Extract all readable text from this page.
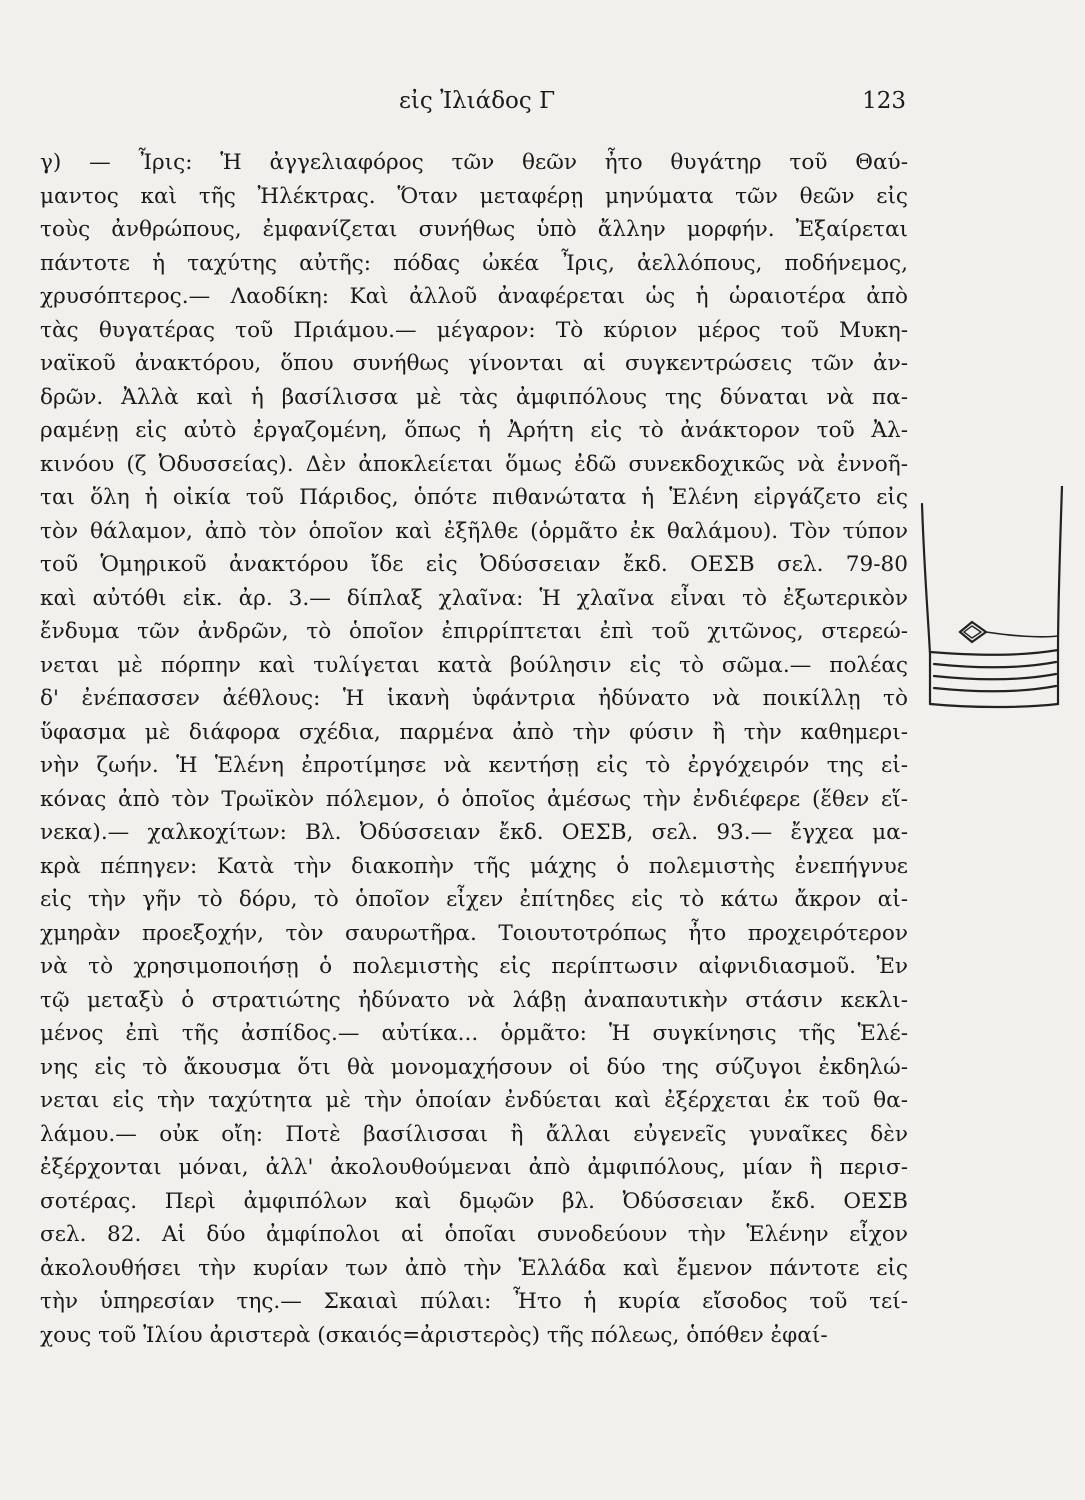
εἰς Ἰλιάδος Γ	123
γ) — Ἶρις: Ἡ ἀγγελιαφόρος τῶν θεῶν ἦτο θυγάτηρ τοῦ Θαύ-
μαντος καὶ τῆς Ἠλέκτρας. Ὅταν μεταφέρῃ μηνύματα τῶν θεῶν εἰς
τοὺς ἀνθρώπους, ἐμφανίζεται συνήθως ὑπὸ ἄλλην μορφήν. Ἐξαίρεται
πάντοτε ἡ ταχύτης αὐτῆς: πόδας ὠκέα Ἶρις, ἀελλόπους, ποδήνεμος,
χρυσόπτερος.— Λαοδίκη: Καὶ ἀλλοῦ ἀναφέρεται ὡς ἡ ὡραιοτέρα ἀπὸ
τὰς θυγατέρας τοῦ Πριάμου.— μέγαρον: Τὸ κύριον μέρος τοῦ Μυκη-
ναϊκοῦ ἀνακτόρου, ὅπου συνήθως γίνονται αἱ συγκεντρώσεις τῶν ἀν-
δρῶν. Ἀλλὰ καὶ ἡ βασίλισσα μὲ τὰς ἀμφιπόλους της δύναται νὰ πα-
ραμένῃ εἰς αὐτὸ ἐργαζομένη, ὅπως ἡ Ἀρήτη εἰς τὸ ἀνάκτορον τοῦ Ἀλ-
κινόου (ζ Ὀδυσσείας). Δὲν ἀποκλείεται ὅμως ἐδῶ συνεκδοχικῶς νὰ ἐννοῆ-
ται ὅλη ἡ οἰκία τοῦ Πάριδος, ὁπότε πιθανώτατα ἡ Ἑλένη εἰργάζετο εἰς
τὸν θάλαμον, ἀπὸ τὸν ὁποῖον καὶ ἐξῆλθε (ὁρμᾶτο ἐκ θαλάμου). Τὸν τύπον
τοῦ Ὁμηρικοῦ ἀνακτόρου ἴδε εἰς Ὀδύσσειαν ἔκδ. ΟΕΣΒ σελ. 79-80
καὶ αὐτόθι εἰκ. ἀρ. 3.— δίπλαξ χλαῖνα: Ἡ χλαῖνα εἶναι τὸ ἐξωτερικὸν
ἔνδυμα τῶν ἀνδρῶν, τὸ ὁποῖον ἐπιρρίπτεται ἐπὶ τοῦ χιτῶνος, στερεώ-
νεται μὲ πόρπην καὶ τυλίγεται κατὰ βούλησιν εἰς τὸ σῶμα.— πολέας
δ' ἐνέπασσεν ἀέθλους: Ἡ ἱκανὴ ὑφάντρια ἠδύνατο νὰ ποικίλλῃ τὸ
ὕφασμα μὲ διάφορα σχέδια, παρμένα ἀπὸ τὴν φύσιν ἢ τὴν καθημερι-
νὴν ζωήν. Ἡ Ἑλένη ἐπροτίμησε νὰ κεντήσῃ εἰς τὸ ἐργόχειρόν της εἰ-
κόνας ἀπὸ τὸν Τρωϊκὸν πόλεμον, ὁ ὁποῖος ἀμέσως τὴν ἐνδιέφερε (ἕθεν εἵ-
νεκα).— χαλκοχίτων: Βλ. Ὀδύσσειαν ἔκδ. ΟΕΣΒ, σελ. 93.— ἔγχεα μα-
κρὰ πέπηγεν: Κατὰ τὴν διακοπὴν τῆς μάχης ὁ πολεμιστὴς ἐνεπήγνυε
εἰς τὴν γῆν τὸ δόρυ, τὸ ὁποῖον εἶχεν ἐπίτηδες εἰς τὸ κάτω ἄκρον αἰ-
χμηρὰν προεξοχήν, τὸν σαυρωτῆρα. Τοιουτοτρόπως ἦτο προχειρότερον
νὰ τὸ χρησιμοποιήσῃ ὁ πολεμιστὴς εἰς περίπτωσιν αἰφνιδιασμοῦ. Ἐν
τῷ μεταξὺ ὁ στρατιώτης ἠδύνατο νὰ λάβῃ ἀναπαυτικὴν στάσιν κεκλι-
μένος ἐπὶ τῆς ἀσπίδος.— αὐτίκα... ὁρμᾶτο: Ἡ συγκίνησις τῆς Ἑλέ-
νης εἰς τὸ ἄκουσμα ὅτι θὰ μονομαχήσουν οἱ δύο της σύζυγοι ἐκδηλώ-
νεται εἰς τὴν ταχύτητα μὲ τὴν ὁποίαν ἐνδύεται καὶ ἐξέρχεται ἐκ τοῦ θα-
λάμου.— οὐκ οἴη: Ποτὲ βασίλισσαι ἢ ἄλλαι εὐγενεῖς γυναῖκες δὲν
ἐξέρχονται μόναι, ἀλλ' ἀκολουθούμεναι ἀπὸ ἀμφιπόλους, μίαν ἢ περισ-
σοτέρας. Περὶ ἀμφιπόλων καὶ δμῳῶν βλ. Ὀδύσσειαν ἔκδ. ΟΕΣΒ
σελ. 82. Αἱ δύο ἀμφίπολοι αἱ ὁποῖαι συνοδεύουν τὴν Ἑλένην εἶχον
ἀκολουθήσει τὴν κυρίαν των ἀπὸ τὴν Ἑλλάδα καὶ ἔμενον πάντοτε εἰς
τὴν ὑπηρεσίαν της.— Σκαιαὶ πύλαι: Ἦτο ἡ κυρία εἴσοδος τοῦ τεί-
χους τοῦ Ἰλίου ἀριστερὰ (σκαιός=ἀριστερὸς) τῆς πόλεως, ὁπόθεν ἐφαί-
